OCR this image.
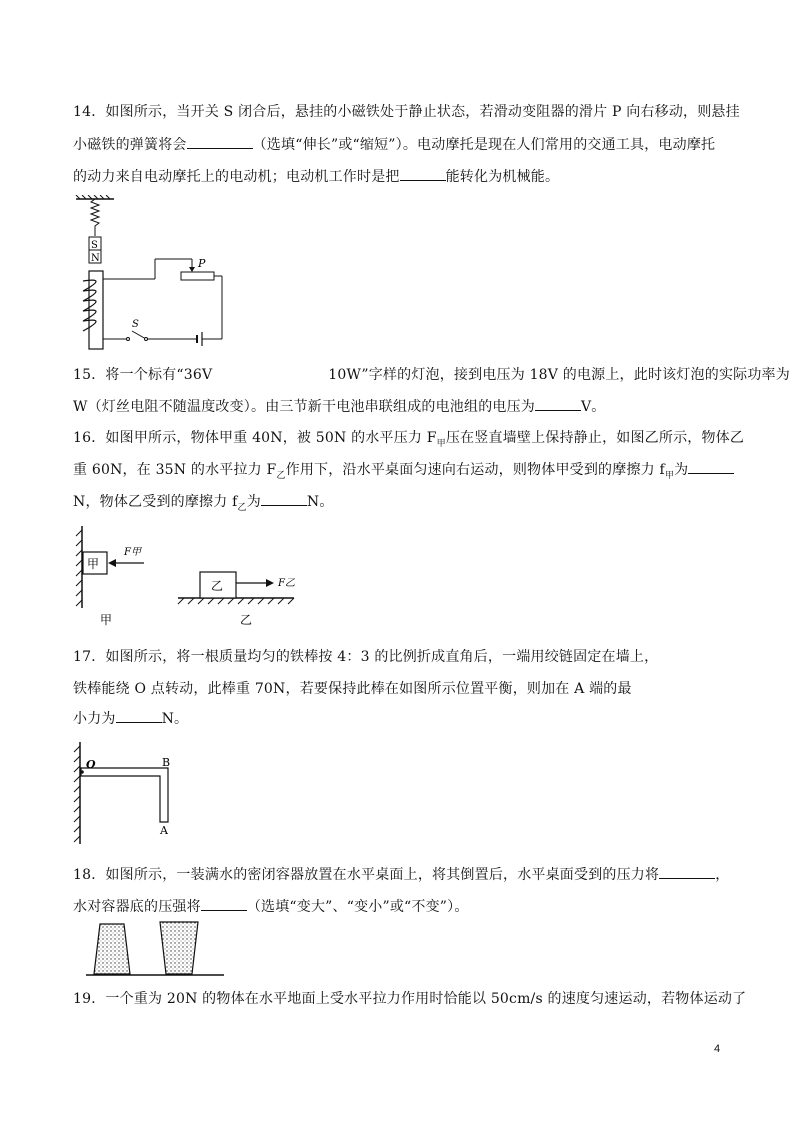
14．如图所示，当开关 S 闭合后，悬挂的小磁铁处于静止状态，若滑动变阻器的滑片 P 向右移动，则悬挂
小磁铁的弹簧将会	（选填“伸长”或“缩短”）。电动摩托是现在人们常用的交通工具，电动摩托
的动力来自电动摩托上的电动机；电动机工作时是把	能转化为机械能。
S
N	P
S
15．将一个标有“36V	10W”字样的灯泡，接到电压为 18V 的电源上，此时该灯泡的实际功率为
W（灯丝电阻不随温度改变）。由三节新干电池串联组成的电池组的电压为	V。
16．如图甲所示，物体甲重 40N，被 50N 的水平压力 $F_甲$压在竖直墙壁上保持静止，如图乙所示，物体乙
重 60N，在 35N 的水平拉力 $F_乙$作用下，沿水平桌面匀速向右运动，则物体甲受到的摩擦力 $f_甲$为
N，物体乙受到的摩擦力 $f_乙$为	N。
甲
F甲
乙	F乙
甲	乙
17．如图所示，将一根质量均匀的铁棒按 4：3 的比例折成直角后，一端用绞链固定在墙上，
铁棒能绕 O 点转动，此棒重 70N，若要保持此棒在如图所示位置平衡，则加在 A 端的最
小力为	N。
O	B
A
18．如图所示，一装满水的密闭容器放置在水平桌面上，将其倒置后，水平桌面受到的压力将	，
水对容器底的压强将	（选填“变大”、“变小”或“不变”）。
19．一个重为 20N 的物体在水平地面上受水平拉力作用时恰能以 50cm/s 的速度匀速运动，若物体运动了
4
